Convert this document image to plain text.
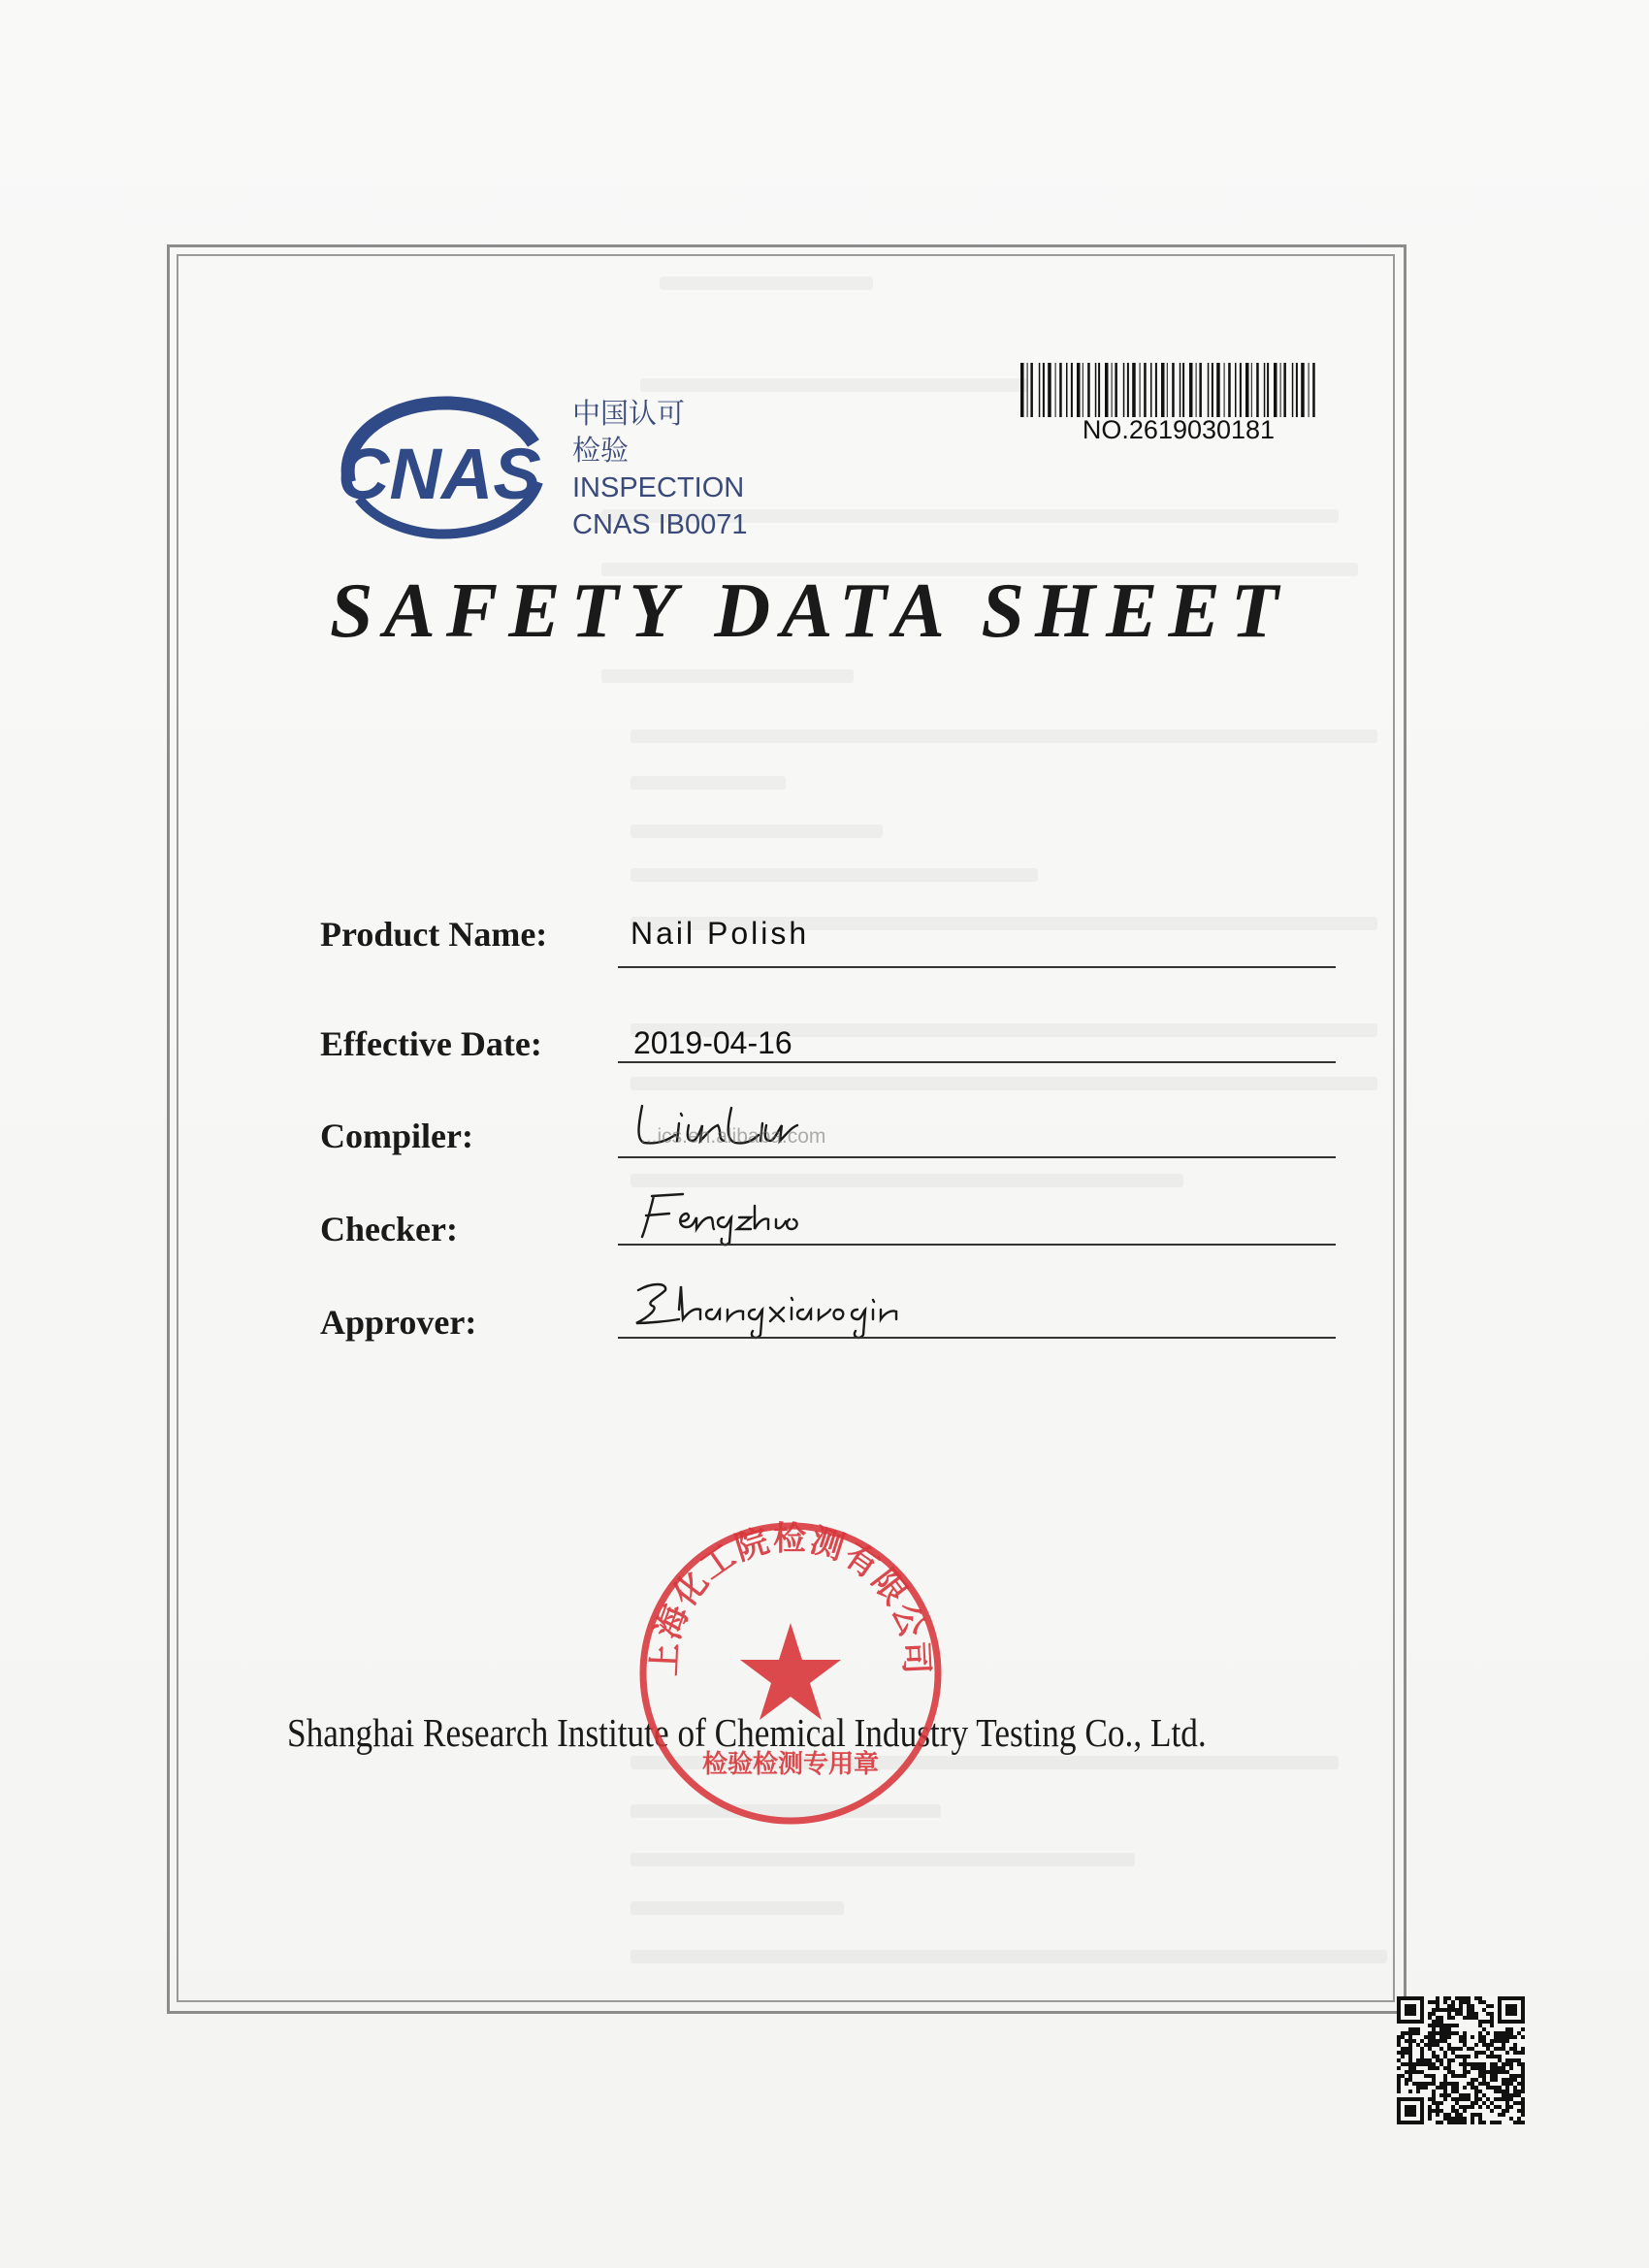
CNAS
中国认可
检验
INSPECTION
CNAS IB0071
NO.2619030181
SAFETY DATA SHEET
Product Name:	Nail Polish
Effective Date:	2019-04-16
Compiler:
Checker:
Approver:
...ics.en.alibaba.com
Shanghai Research Institute of Chemical Industry Testing Co., Ltd.
上海化工院检测有限公司
检验检测专用章
